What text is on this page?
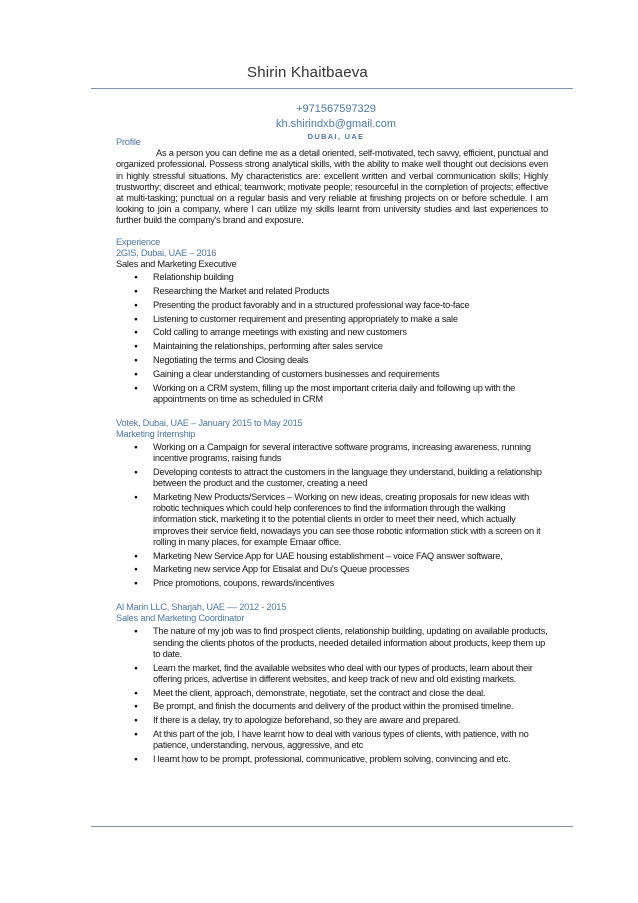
Shirin Khaitbaeva
+971567597329
kh.shirindxb@gmail.com
DUBAI, UAE
Profile

As a person you can define me as a detail oriented, self-motivated, tech savvy, efficient, punctual and organized professional. Possess strong analytical skills, with the ability to make well thought out decisions even in highly stressful situations. My characteristics are: excellent written and verbal communication skills; Highly trustworthy; discreet and ethical; teamwork; motivate people; resourceful in the completion of projects; effective at multi-tasking; punctual on a regular basis and very reliable at finishing projects on or before schedule. I am looking to join a company, where I can utilize my skills learnt from university studies and last experiences to further build the company's brand and exposure.

Experience
2GIS, Dubai, UAE – 2016
Sales and Marketing Executive
● Relationship building
● Researching the Market and related Products
● Presenting the product favorably and in a structured professional way face-to-face
● Listening to customer requirement and presenting appropriately to make a sale
● Cold calling to arrange meetings with existing and new customers
● Maintaining the relationships, performing after sales service
● Negotiating the terms and Closing deals
● Gaining a clear understanding of customers businesses and requirements
● Working on a CRM system, filling up the most important criteria daily and following up with the appointments on time as scheduled in CRM
Votek, Dubai, UAE – January 2015 to May 2015
Marketing Internship
● Working on a Campaign for several interactive software programs, increasing awareness, running incentive programs, raising funds
● Developing contests to attract the customers in the language they understand, building a relationship between the product and the customer, creating a need
● Marketing New Products/Services – Working on new ideas, creating proposals for new ideas with robotic techniques which could help conferences to find the information through the walking information stick, marketing it to the potential clients in order to meet their need, which actually improves their service field, nowadays you can see those robotic information stick with a screen on it rolling in many places, for example Emaar office.
● Marketing New Service App for UAE housing establishment – voice FAQ answer software,
● Marketing new service App for Etisalat and Du's Queue processes
● Price promotions, coupons, rewards/incentives
Al Marin LLC, Sharjah, UAE –– 2012 - 2015
Sales and Marketing Coordinator
● The nature of my job was to find prospect clients, relationship building, updating on available products, sending the clients photos of the products, needed detailed information about products, keep them up to date.
● Learn the market, find the available websites who deal with our types of products, learn about their offering prices, advertise in different websites, and keep track of new and old existing markets.
● Meet the client, approach, demonstrate, negotiate, set the contract and close the deal.
● Be prompt, and finish the documents and delivery of the product within the promised timeline.
● If there is a delay, try to apologize beforehand, so they are aware and prepared.
● At this part of the job, I have learnt how to deal with various types of clients, with patience, with no patience, understanding, nervous, aggressive, and etc
● I learnt how to be prompt, professional, communicative, problem solving, convincing and etc.
